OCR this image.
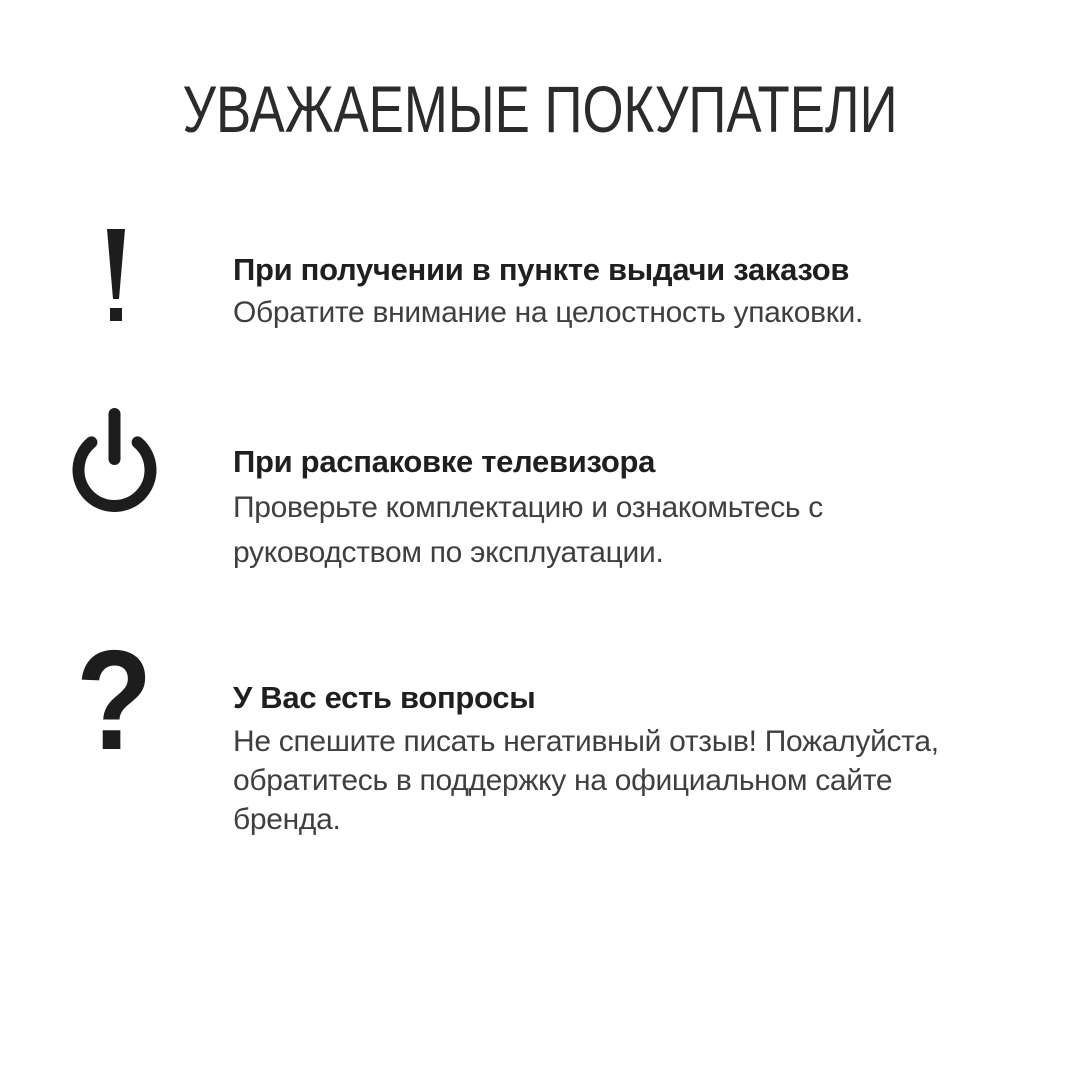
УВАЖАЕМЫЕ ПОКУПАТЕЛИ
При получении в пункте выдачи заказов
Обратите внимание на целостность упаковки.
При распаковке телевизора
Проверьте комплектацию и ознакомьтесь с руководством по эксплуатации.
?	У Вас есть вопросы
Не спешите писать негативный отзыв! Пожалуйста, обратитесь в поддержку на официальном сайте бренда.
